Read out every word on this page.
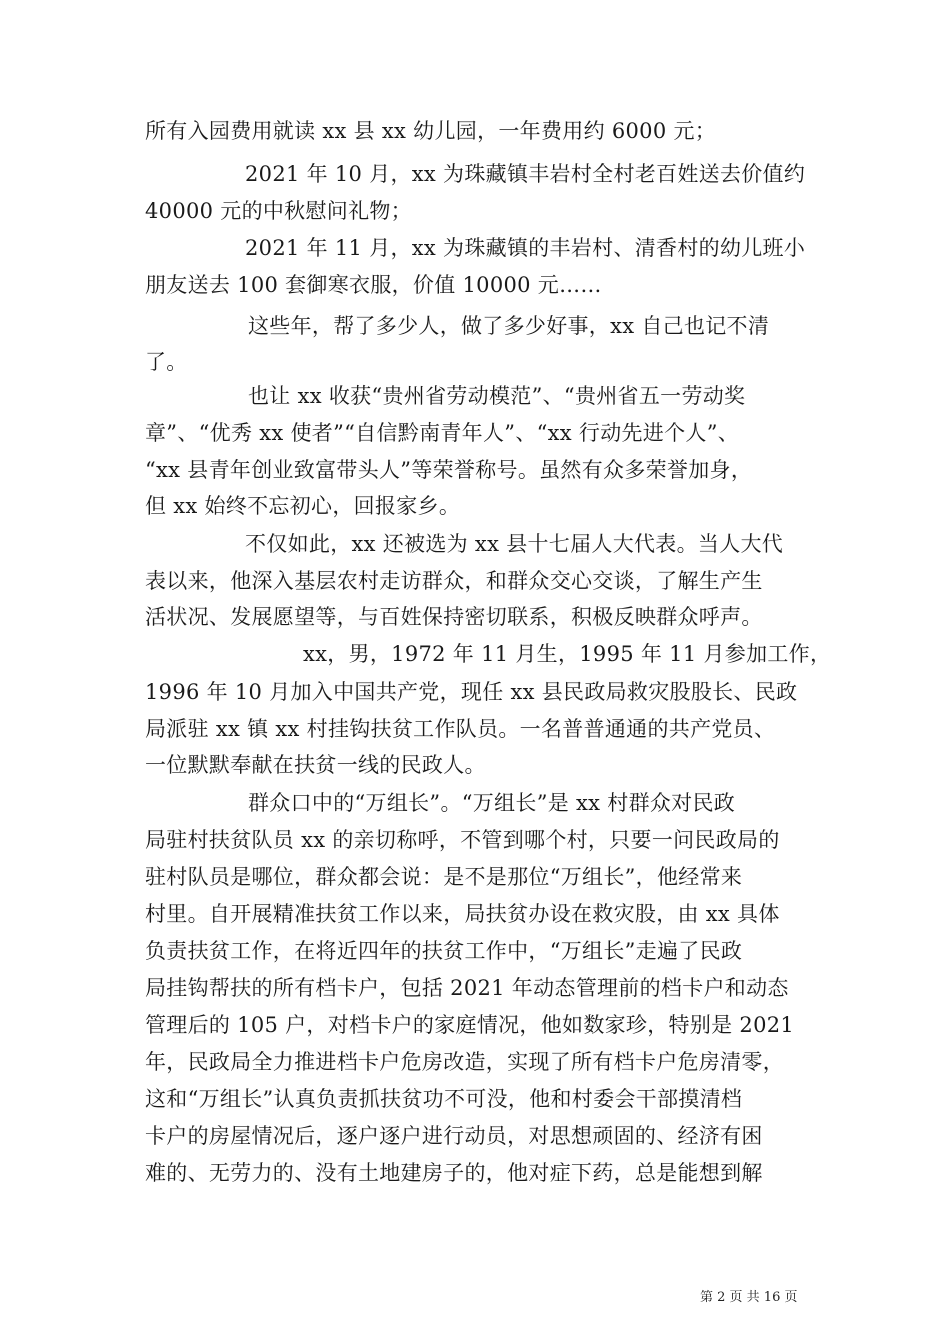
所有入园费用就读 xx 县 xx 幼儿园，一年费用约 6000 元；
2021 年 10 月，xx 为珠藏镇丰岩村全村老百姓送去价值约
40000 元的中秋慰问礼物；
2021 年 11 月，xx 为珠藏镇的丰岩村、清香村的幼儿班小
朋友送去 100 套御寒衣服，价值 10000 元……
这些年，帮了多少人，做了多少好事，xx 自己也记不清
了。
也让 xx 收获“贵州省劳动模范”、“贵州省五一劳动奖
章”、“优秀 xx 使者”“自信黔南青年人”、“xx 行动先进个人”、
“xx 县青年创业致富带头人”等荣誉称号。虽然有众多荣誉加身，
但 xx 始终不忘初心，回报家乡。
不仅如此，xx 还被选为 xx 县十七届人大代表。当人大代
表以来，他深入基层农村走访群众，和群众交心交谈，了解生产生
活状况、发展愿望等，与百姓保持密切联系，积极反映群众呼声。
xx，男，1972 年 11 月生，1995 年 11 月参加工作，
1996 年 10 月加入中国共产党，现任 xx 县民政局救灾股股长、民政
局派驻 xx 镇 xx 村挂钩扶贫工作队员。一名普普通通的共产党员、
一位默默奉献在扶贫一线的民政人。
群众口中的“万组长”。“万组长”是 xx 村群众对民政
局驻村扶贫队员 xx 的亲切称呼，不管到哪个村，只要一问民政局的
驻村队员是哪位，群众都会说：是不是那位“万组长”，他经常来
村里。自开展精准扶贫工作以来，局扶贫办设在救灾股，由 xx 具体
负责扶贫工作，在将近四年的扶贫工作中，“万组长”走遍了民政
局挂钩帮扶的所有档卡户，包括 2021 年动态管理前的档卡户和动态
管理后的 105 户，对档卡户的家庭情况，他如数家珍，特别是 2021
年，民政局全力推进档卡户危房改造，实现了所有档卡户危房清零，
这和“万组长”认真负责抓扶贫功不可没，他和村委会干部摸清档
卡户的房屋情况后，逐户逐户进行动员，对思想顽固的、经济有困
难的、无劳力的、没有土地建房子的，他对症下药，总是能想到解
第 2 页 共 16 页
